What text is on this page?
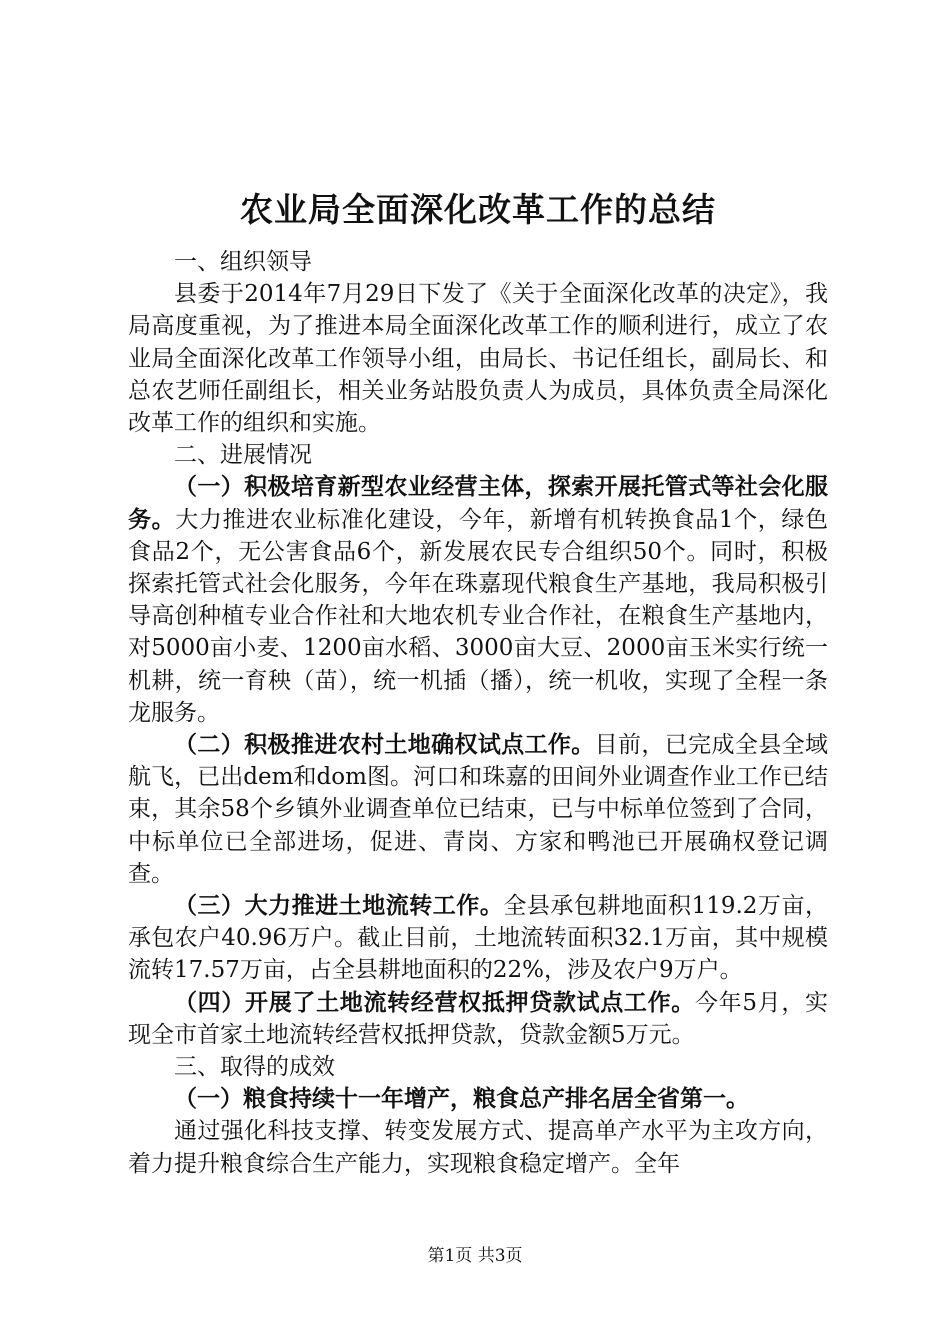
农业局全面深化改革工作的总结

一、组织领导

县委于2014年7月29日下发了《关于全面深化改革的决定》，我局高度重视，为了推进本局全面深化改革工作的顺利进行，成立了农业局全面深化改革工作领导小组，由局长、书记任组长，副局长、和总农艺师任副组长，相关业务站股负责人为成员，具体负责全局深化改革工作的组织和实施。

二、进展情况

（一）积极培育新型农业经营主体，探索开展托管式等社会化服务。大力推进农业标准化建设，今年，新增有机转换食品1个，绿色食品2个，无公害食品6个，新发展农民专合组织50个。同时，积极探索托管式社会化服务，今年在珠嘉现代粮食生产基地，我局积极引导高创种植专业合作社和大地农机专业合作社，在粮食生产基地内，对5000亩小麦、1200亩水稻、3000亩大豆、2000亩玉米实行统一机耕，统一育秧（苗），统一机插（播），统一机收，实现了全程一条龙服务。

（二）积极推进农村土地确权试点工作。目前，已完成全县全域航飞，已出dem和dom图。河口和珠嘉的田间外业调查作业工作已结束，其余58个乡镇外业调查单位已结束，已与中标单位签到了合同，中标单位已全部进场，促进、青岗、方家和鸭池已开展确权登记调查。

（三）大力推进土地流转工作。全县承包耕地面积119.2万亩，承包农户40.96万户。截止目前，土地流转面积32.1万亩，其中规模流转17.57万亩，占全县耕地面积的22%，涉及农户9万户。

（四）开展了土地流转经营权抵押贷款试点工作。今年5月，实现全市首家土地流转经营权抵押贷款，贷款金额5万元。

三、取得的成效

（一）粮食持续十一年增产，粮食总产排名居全省第一。

通过强化科技支撑、转变发展方式、提高单产水平为主攻方向，着力提升粮食综合生产能力，实现粮食稳定增产。全年

第1页 共3页
